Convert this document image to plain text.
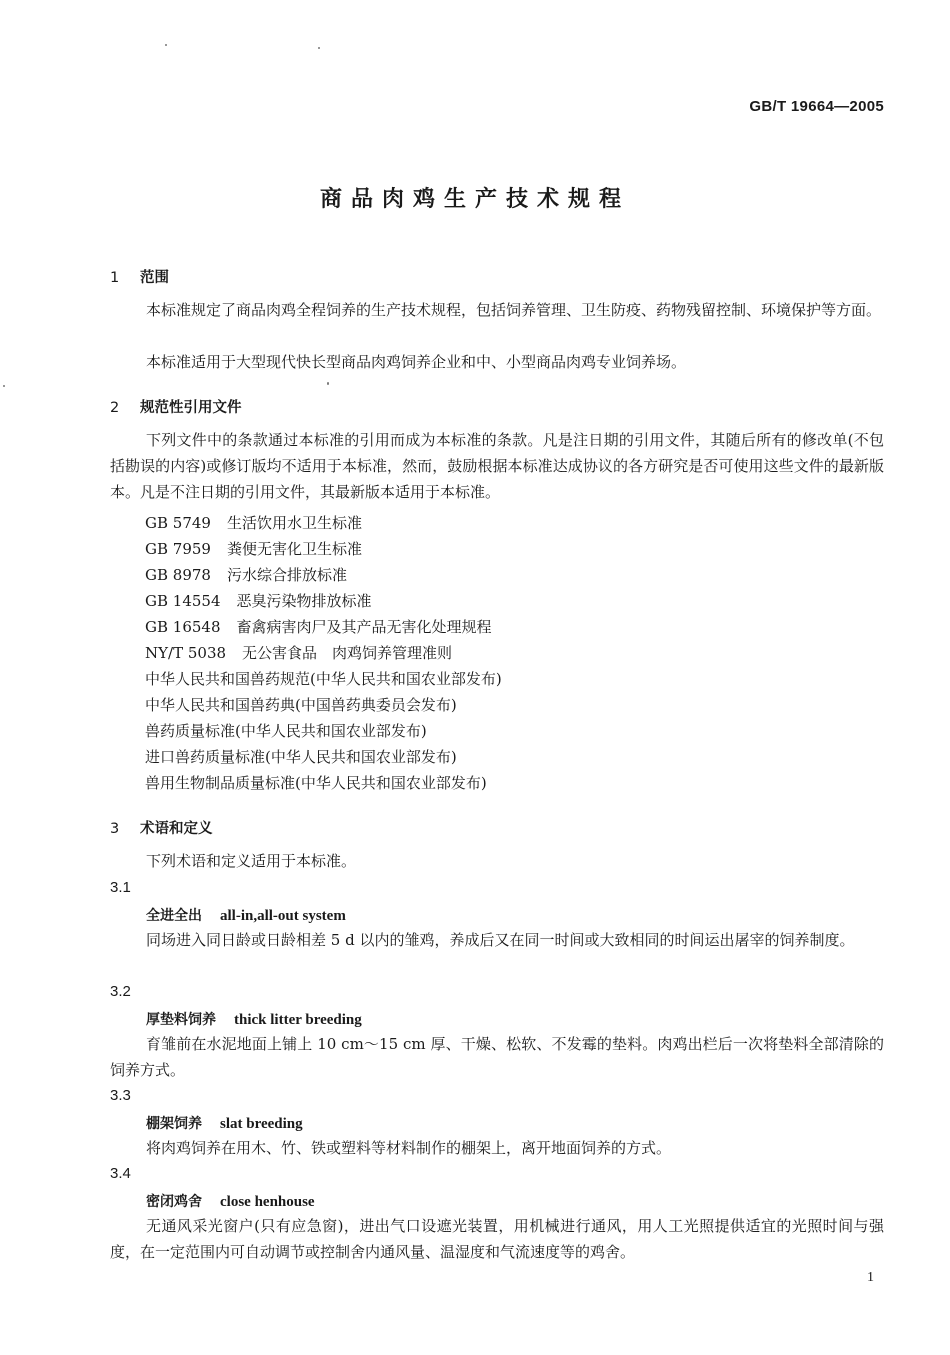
GB/T 19664—2005
商品肉鸡生产技术规程
1 范围
本标准规定了商品肉鸡全程饲养的生产技术规程，包括饲养管理、卫生防疫、药物残留控制、环境保护等方面。
本标准适用于大型现代快长型商品肉鸡饲养企业和中、小型商品肉鸡专业饲养场。
2 规范性引用文件
下列文件中的条款通过本标准的引用而成为本标准的条款。凡是注日期的引用文件，其随后所有的修改单(不包括勘误的内容)或修订版均不适用于本标准，然而，鼓励根据本标准达成协议的各方研究是否可使用这些文件的最新版本。凡是不注日期的引用文件，其最新版本适用于本标准。
GB 5749 生活饮用水卫生标准
GB 7959 粪便无害化卫生标准
GB 8978 污水综合排放标准
GB 14554 恶臭污染物排放标准
GB 16548 畜禽病害肉尸及其产品无害化处理规程
NY/T 5038 无公害食品　肉鸡饲养管理准则
中华人民共和国兽药规范(中华人民共和国农业部发布)
中华人民共和国兽药典(中国兽药典委员会发布)
兽药质量标准(中华人民共和国农业部发布)
进口兽药质量标准(中华人民共和国农业部发布)
兽用生物制品质量标准(中华人民共和国农业部发布)
3 术语和定义
下列术语和定义适用于本标准。
3.1
全进全出 all-in,all-out system
同场进入同日龄或日龄相差 5 d 以内的雏鸡，养成后又在同一时间或大致相同的时间运出屠宰的饲养制度。
3.2
厚垫料饲养 thick litter breeding
育雏前在水泥地面上铺上 10 cm～15 cm 厚、干燥、松软、不发霉的垫料。肉鸡出栏后一次将垫料全部清除的饲养方式。
3.3
棚架饲养 slat breeding
将肉鸡饲养在用木、竹、铁或塑料等材料制作的棚架上，离开地面饲养的方式。
3.4
密闭鸡舍 close henhouse
无通风采光窗户(只有应急窗)，进出气口设遮光装置，用机械进行通风，用人工光照提供适宜的光照时间与强度，在一定范围内可自动调节或控制舍内通风量、温湿度和气流速度等的鸡舍。
1
